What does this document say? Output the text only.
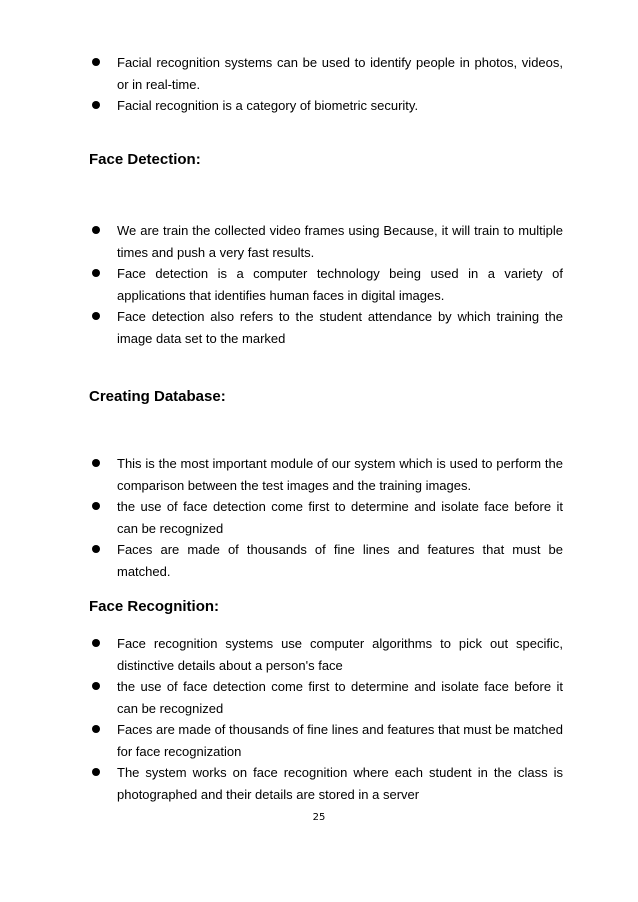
Facial recognition systems can be used to identify people in photos, videos, or in real-time.
Facial recognition is a category of biometric security.
Face Detection:
We are train the collected video frames using Because, it will train to multiple times and push a very fast results.
Face detection is a computer technology being used in a variety of applications that identifies human faces in digital images.
Face detection also refers to the student attendance by which training the image data set to the marked
Creating Database:
This is the most important module of our system which is used to perform the comparison between the test images and the training images.
the use of face detection come first to determine and isolate face before it can be recognized
Faces are made of thousands of fine lines and features that must be matched.
Face Recognition:
Face recognition systems use computer algorithms to pick out specific, distinctive details about a person's face
the use of face detection come first to determine and isolate face before it can be recognized
Faces are made of thousands of fine lines and features that must be matched for face recognization
The system works on face recognition where each student in the class is photographed and their details are stored in a server
25
